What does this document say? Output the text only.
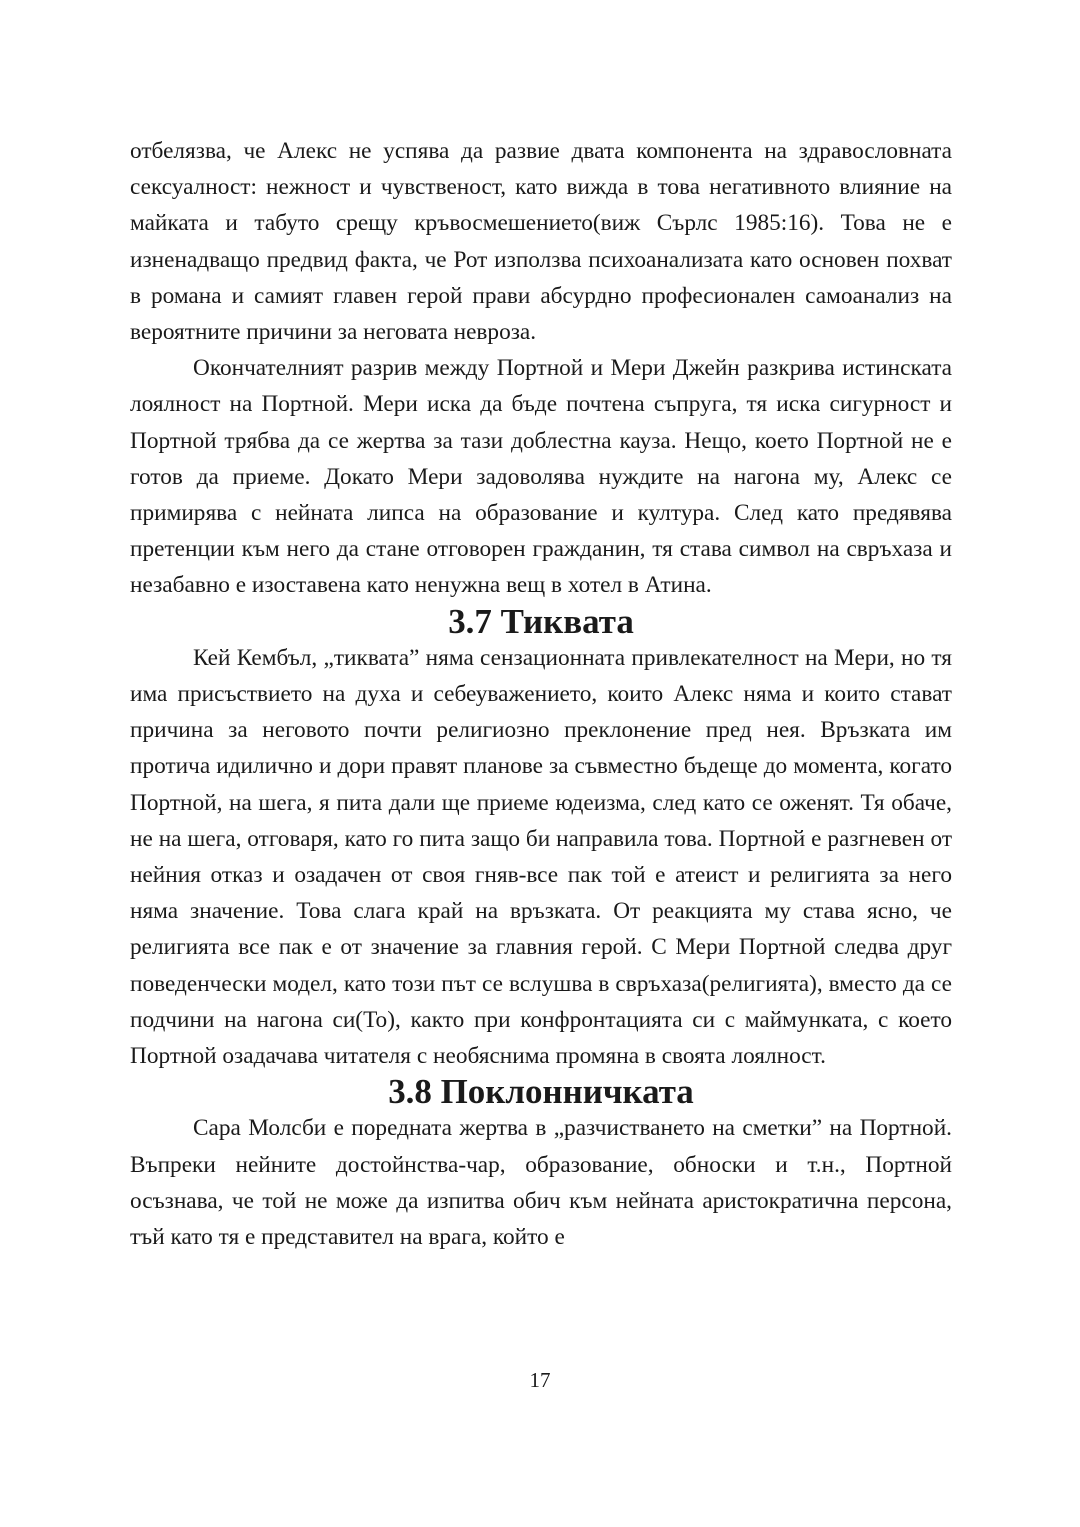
отбелязва, че Алекс не успява да развие двата компонента на здравословната сексуалност: нежност и чувственост, като вижда в това негативното влияние на майката и табуто срещу кръвосмешението(виж Сърлс 1985:16). Това не е изненадващо предвид факта, че Рот използва психоанализата като основен похват в романа и самият главен герой прави абсурдно професионален самоанализ на вероятните причини за неговата невроза.

Окончателният разрив между Портной и Мери Джейн разкрива истинската лоялност на Портной. Мери иска да бъде почтена съпруга, тя иска сигурност и Портной трябва да се жертва за тази доблестна кауза. Нещо, което Портной не е готов да приеме. Докато Мери задоволява нуждите на нагона му, Алекс се примирява с нейната липса на образование и култура. След като предявява претенции към него да стане отговорен гражданин, тя става символ на свръхаза и незабавно е изоставена като ненужна вещ в хотел в Атина.

3.7 Тиквата

Кей Кембъл, „тиквата” няма сензационната привлекателност на Мери, но тя има присъствието на духа и себеуважението, които Алекс няма и които стават причина за неговото почти религиозно преклонение пред нея. Връзката им протича идилично и дори правят планове за съвместно бъдеще до момента, когато Портной, на шега, я пита дали ще приеме юдеизма, след като се оженят. Тя обаче, не на шега, отговаря, като го пита защо би направила това. Портной е разгневен от нейния отказ и озадачен от своя гняв-все пак той е атеист и религията за него няма значение. Това слага край на връзката. От реакцията му става ясно, че религията все пак е от значение за главния герой. С Мери Портной следва друг поведенчески модел, като този път се вслушва в свръхаза(религията), вместо да се подчини на нагона си(То), както при конфронтацията си с маймунката, с което Портной озадачава читателя с необяснима промяна в своята лоялност.

3.8 Поклонничката

Сара Молсби е поредната жертва в „разчистването на сметки” на Портной. Въпреки нейните достойнства-чар, образование, обноски и т.н., Портной осъзнава, че той не може да изпитва обич към нейната аристократична персона, тъй като тя е представител на врага, който е

17
